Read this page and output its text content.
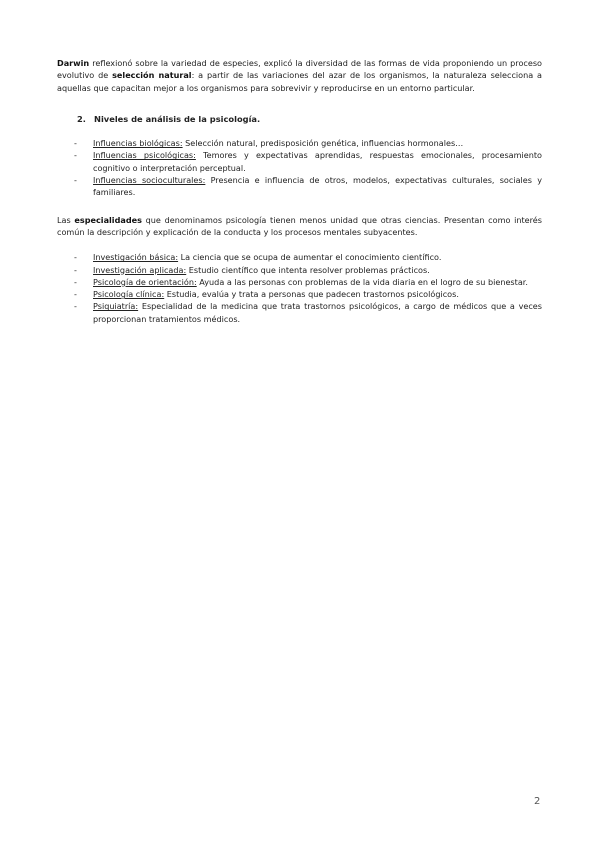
Darwin reflexionó sobre la variedad de especies, explicó la diversidad de las formas de vida proponiendo un proceso evolutivo de selección natural: a partir de las variaciones del azar de los organismos, la naturaleza selecciona a aquellas que capacitan mejor a los organismos para sobrevivir y reproducirse en un entorno particular.

2. Niveles de análisis de la psicología.
- Influencias biológicas: Selección natural, predisposición genética, influencias hormonales…
- Influencias psicológicas: Temores y expectativas aprendidas, respuestas emocionales, procesamiento cognitivo o interpretación perceptual.
- Influencias socioculturales: Presencia e influencia de otros, modelos, expectativas culturales, sociales y familiares.

Las especialidades que denominamos psicología tienen menos unidad que otras ciencias. Presentan como interés común la descripción y explicación de la conducta y los procesos mentales subyacentes.

- Investigación básica: La ciencia que se ocupa de aumentar el conocimiento científico.
- Investigación aplicada: Estudio científico que intenta resolver problemas prácticos.
- Psicología de orientación: Ayuda a las personas con problemas de la vida diaria en el logro de su bienestar.
- Psicología clínica: Estudia, evalúa y trata a personas que padecen trastornos psicológicos.
- Psiquiatría: Especialidad de la medicina que trata trastornos psicológicos, a cargo de médicos que a veces proporcionan tratamientos médicos.
2
